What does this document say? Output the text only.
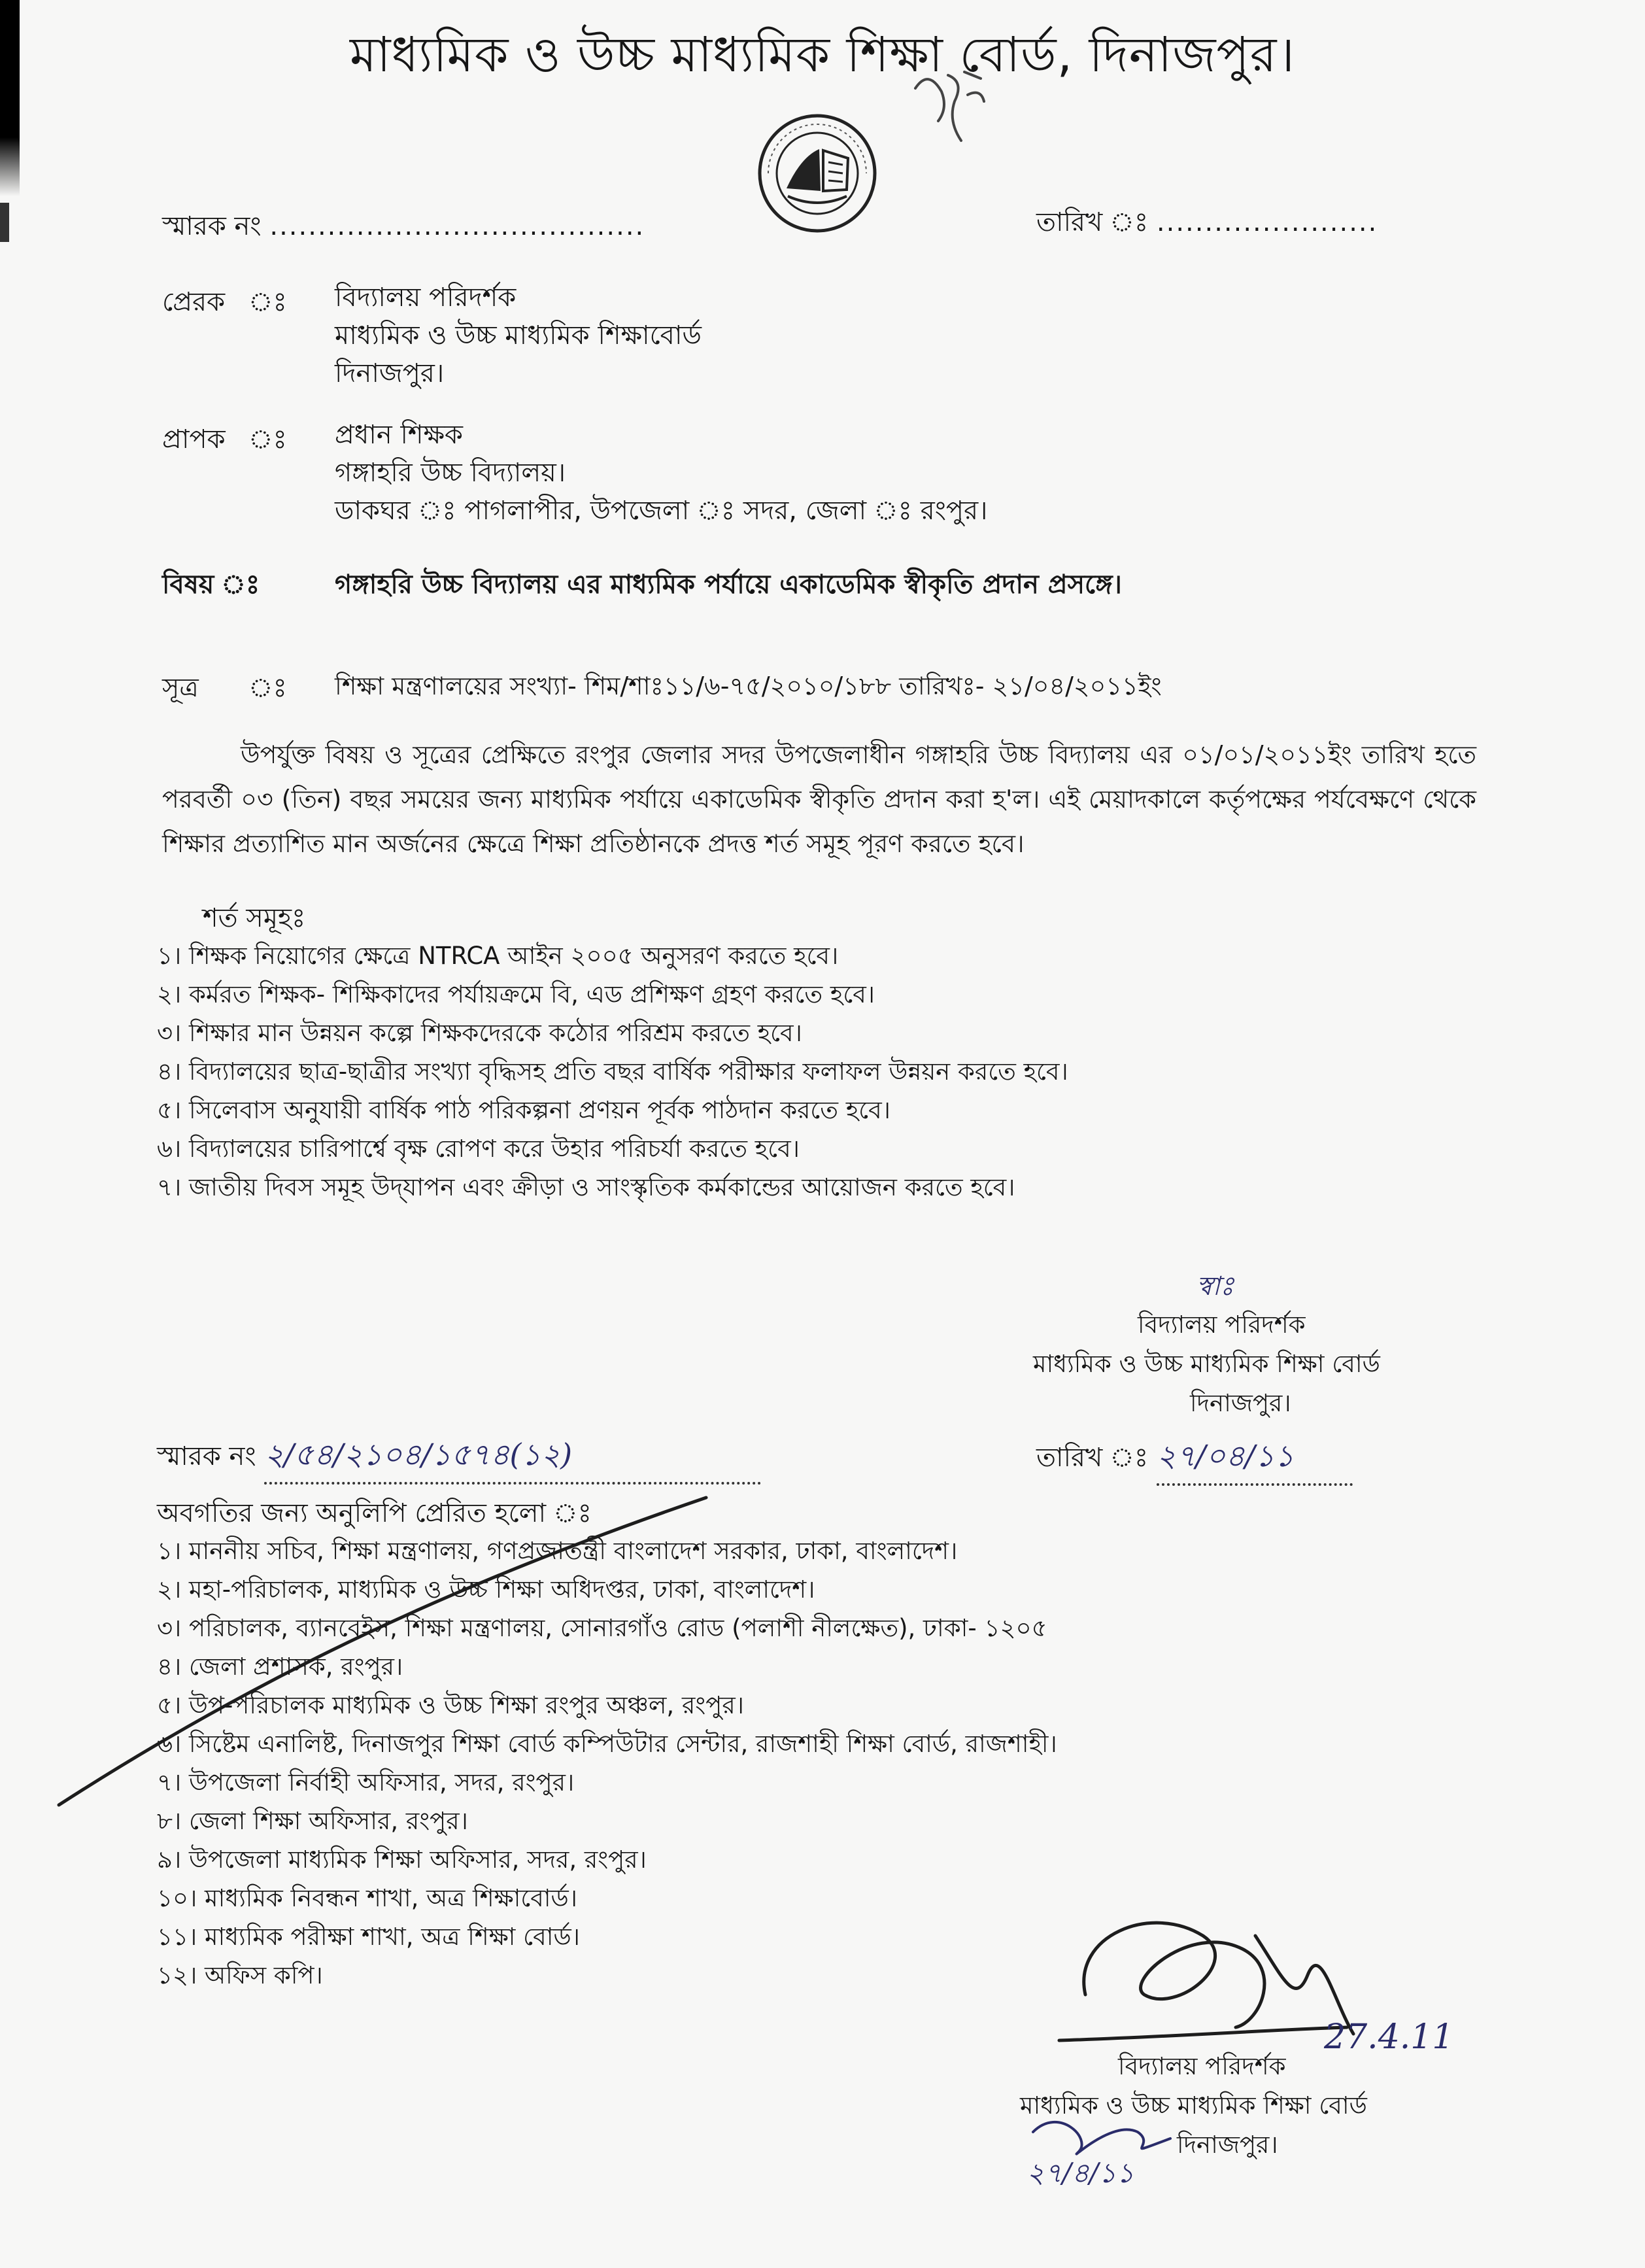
মাধ্যমিক ও উচ্চ মাধ্যমিক শিক্ষা বোর্ড, দিনাজপুর।
স্মারক নং .......................................	তারিখ ঃ .......................
প্রেরক ঃ বিদ্যালয় পরিদর্শক
মাধ্যমিক ও উচ্চ মাধ্যমিক শিক্ষাবোর্ড
দিনাজপুর।
প্রাপক ঃ প্রধান শিক্ষক
গঙ্গাহরি উচ্চ বিদ্যালয়।
ডাকঘর ঃ পাগলাপীর, উপজেলা ঃ সদর, জেলা ঃ রংপুর।
বিষয় ঃ	গঙ্গাহরি উচ্চ বিদ্যালয় এর মাধ্যমিক পর্যায়ে একাডেমিক স্বীকৃতি প্রদান প্রসঙ্গে।
সূত্র ঃ শিক্ষা মন্ত্রণালয়ের সংখ্যা- শিম/শাঃ১১/৬-৭৫/২০১০/১৮৮ তারিখঃ- ২১/০৪/২০১১ইং
উপর্যুক্ত বিষয় ও সূত্রের প্রেক্ষিতে রংপুর জেলার সদর উপজেলাধীন গঙ্গাহরি উচ্চ বিদ্যালয় এর ০১/০১/২০১১ইং তারিখ হতে পরবর্তী ০৩ (তিন) বছর সময়ের জন্য মাধ্যমিক পর্যায়ে একাডেমিক স্বীকৃতি প্রদান করা হ'ল। এই মেয়াদকালে কর্তৃপক্ষের পর্যবেক্ষণে থেকে শিক্ষার প্রত্যাশিত মান অর্জনের ক্ষেত্রে শিক্ষা প্রতিষ্ঠানকে প্রদত্ত শর্ত সমূহ পূরণ করতে হবে।
শর্ত সমূহঃ
১। শিক্ষক নিয়োগের ক্ষেত্রে NTRCA আইন ২০০৫ অনুসরণ করতে হবে।
২। কর্মরত শিক্ষক- শিক্ষিকাদের পর্যায়ক্রমে বি, এড প্রশিক্ষণ গ্রহণ করতে হবে।
৩। শিক্ষার মান উন্নয়ন কল্পে শিক্ষকদেরকে কঠোর পরিশ্রম করতে হবে।
৪। বিদ্যালয়ের ছাত্র-ছাত্রীর সংখ্যা বৃদ্ধিসহ প্রতি বছর বার্ষিক পরীক্ষার ফলাফল উন্নয়ন করতে হবে।
৫। সিলেবাস অনুযায়ী বার্ষিক পাঠ পরিকল্পনা প্রণয়ন পূর্বক পাঠদান করতে হবে।
৬। বিদ্যালয়ের চারিপার্শ্বে বৃক্ষ রোপণ করে উহার পরিচর্যা করতে হবে।
৭। জাতীয় দিবস সমূহ উদ্‌যাপন এবং ক্রীড়া ও সাংস্কৃতিক কর্মকান্ডের আয়োজন করতে হবে।
স্বাঃ
বিদ্যালয় পরিদর্শক
মাধ্যমিক ও উচ্চ মাধ্যমিক শিক্ষা বোর্ড
দিনাজপুর।
স্মারক নং ২/৫৪/২১০৪/১৫৭৪(১২)	তারিখ ঃ ২৭/০৪/১১
অবগতির জন্য অনুলিপি প্রেরিত হলো ঃ
১। মাননীয় সচিব, শিক্ষা মন্ত্রণালয়, গণপ্রজাতন্ত্রী বাংলাদেশ সরকার, ঢাকা, বাংলাদেশ।
২। মহা-পরিচালক, মাধ্যমিক ও উচ্চ শিক্ষা অধিদপ্তর, ঢাকা, বাংলাদেশ।
৩। পরিচালক, ব্যানবেইস, শিক্ষা মন্ত্রণালয়, সোনারগাঁও রোড (পলাশী নীলক্ষেত), ঢাকা- ১২০৫
৪। জেলা প্রশাসক, রংপুর।
৫। উপ-পরিচালক মাধ্যমিক ও উচ্চ শিক্ষা রংপুর অঞ্চল, রংপুর।
৬। সিষ্টেম এনালিষ্ট, দিনাজপুর শিক্ষা বোর্ড কম্পিউটার সেন্টার, রাজশাহী শিক্ষা বোর্ড, রাজশাহী।
৭। উপজেলা নির্বাহী অফিসার, সদর, রংপুর।
৮। জেলা শিক্ষা অফিসার, রংপুর।
৯। উপজেলা মাধ্যমিক শিক্ষা অফিসার, সদর, রংপুর।
১০। মাধ্যমিক নিবন্ধন শাখা, অত্র শিক্ষাবোর্ড।
১১। মাধ্যমিক পরীক্ষা শাখা, অত্র শিক্ষা বোর্ড।
১২। অফিস কপি।
27.4.11
বিদ্যালয় পরিদর্শক
মাধ্যমিক ও উচ্চ মাধ্যমিক শিক্ষা বোর্ড
দিনাজপুর।
২৭/৪/১১
